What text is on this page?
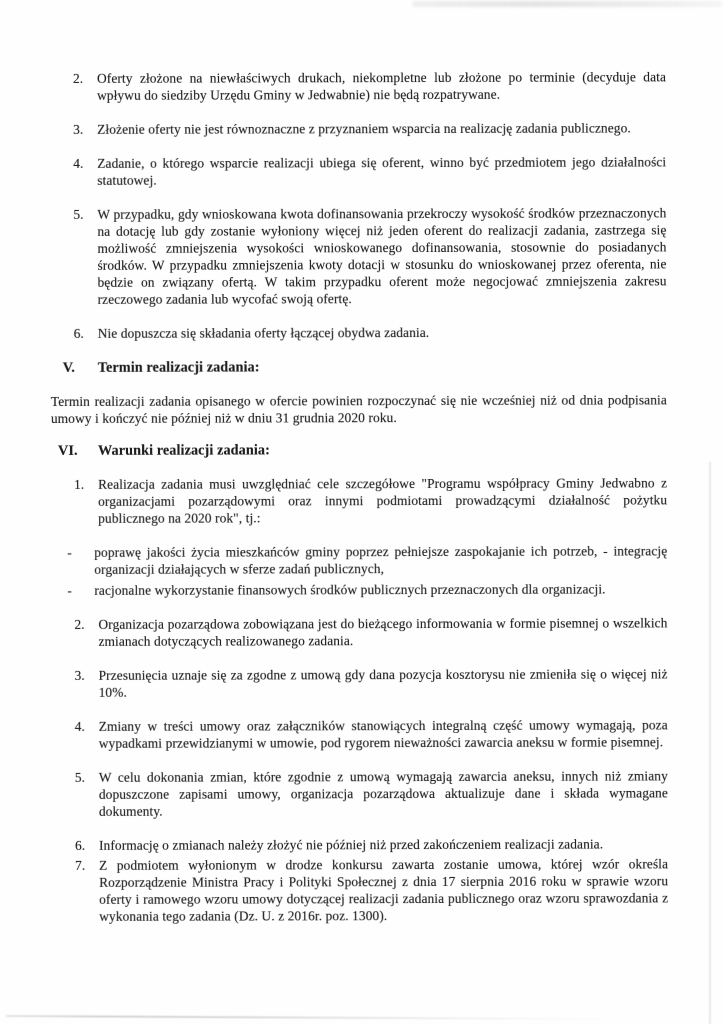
2. Oferty złożone na niewłaściwych drukach, niekompletne lub złożone po terminie (decyduje data wpływu do siedziby Urzędu Gminy w Jedwabnie) nie będą rozpatrywane.
3. Złożenie oferty nie jest równoznaczne z przyznaniem wsparcia na realizację zadania publicznego.
4. Zadanie, o którego wsparcie realizacji ubiega się oferent, winno być przedmiotem jego działalności statutowej.
5. W przypadku, gdy wnioskowana kwota dofinansowania przekroczy wysokość środków przeznaczonych na dotację lub gdy zostanie wyłoniony więcej niż jeden oferent do realizacji zadania, zastrzega się możliwość zmniejszenia wysokości wnioskowanego dofinansowania, stosownie do posiadanych środków. W przypadku zmniejszenia kwoty dotacji w stosunku do wnioskowanej przez oferenta, nie będzie on związany ofertą. W takim przypadku oferent może negocjować zmniejszenia zakresu rzeczowego zadania lub wycofać swoją ofertę.
6. Nie dopuszcza się składania oferty łączącej obydwa zadania.
V. Termin realizacji zadania:

Termin realizacji zadania opisanego w ofercie powinien rozpoczynać się nie wcześniej niż od dnia podpisania umowy i kończyć nie później niż w dniu 31 grudnia 2020 roku.

VI. Warunki realizacji zadania:
1. Realizacja zadania musi uwzględniać cele szczegółowe "Programu współpracy Gminy Jedwabno z organizacjami pozarządowymi oraz innymi podmiotami prowadzącymi działalność pożytku publicznego na 2020 rok", tj.:
- poprawę jakości życia mieszkańców gminy poprzez pełniejsze zaspokajanie ich potrzeb, - integrację organizacji działających w sferze zadań publicznych,
- racjonalne wykorzystanie finansowych środków publicznych przeznaczonych dla organizacji.
2. Organizacja pozarządowa zobowiązana jest do bieżącego informowania w formie pisemnej o wszelkich zmianach dotyczących realizowanego zadania.
3. Przesunięcia uznaje się za zgodne z umową gdy dana pozycja kosztorysu nie zmieniła się o więcej niż 10%.
4. Zmiany w treści umowy oraz załączników stanowiących integralną część umowy wymagają, poza wypadkami przewidzianymi w umowie, pod rygorem nieważności zawarcia aneksu w formie pisemnej.
5. W celu dokonania zmian, które zgodnie z umową wymagają zawarcia aneksu, innych niż zmiany dopuszczone zapisami umowy, organizacja pozarządowa aktualizuje dane i składa wymagane dokumenty.
6. Informację o zmianach należy złożyć nie później niż przed zakończeniem realizacji zadania.
7. Z podmiotem wyłonionym w drodze konkursu zawarta zostanie umowa, której wzór określa Rozporządzenie Ministra Pracy i Polityki Społecznej z dnia 17 sierpnia 2016 roku w sprawie wzoru oferty i ramowego wzoru umowy dotyczącej realizacji zadania publicznego oraz wzoru sprawozdania z wykonania tego zadania (Dz. U. z 2016r. poz. 1300).
